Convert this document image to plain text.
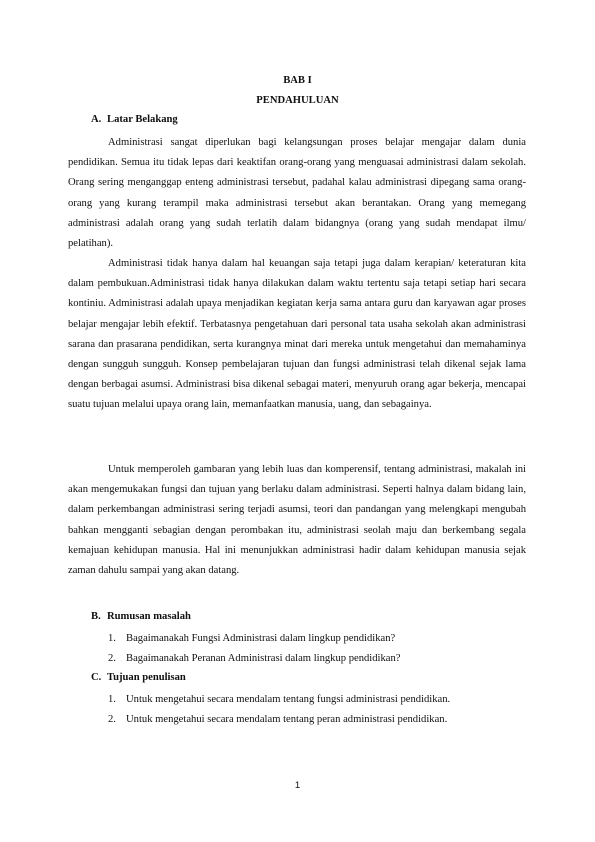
BAB I
PENDAHULUAN
A. Latar Belakang

Administrasi sangat diperlukan bagi kelangsungan proses belajar mengajar dalam dunia pendidikan. Semua itu tidak lepas dari keaktifan orang-orang yang menguasai administrasi dalam sekolah. Orang sering menganggap enteng administrasi tersebut, padahal kalau administrasi dipegang sama orang-orang yang kurang terampil maka administrasi tersebut akan berantakan. Orang yang memegang administrasi adalah orang yang sudah terlatih dalam bidangnya (orang yang sudah mendapat ilmu/ pelatihan).

Administrasi tidak hanya dalam hal keuangan saja tetapi juga dalam kerapian/ keteraturan kita dalam pembukuan.Administrasi tidak hanya dilakukan dalam waktu tertentu saja tetapi setiap hari secara kontiniu. Administrasi adalah upaya menjadikan kegiatan kerja sama antara guru dan karyawan agar proses belajar mengajar lebih efektif. Terbatasnya pengetahuan dari personal tata usaha sekolah akan administrasi sarana dan prasarana pendidikan, serta kurangnya minat dari mereka untuk mengetahui dan memahaminya dengan sungguh sungguh. Konsep pembelajaran tujuan dan fungsi administrasi telah dikenal sejak lama dengan berbagai asumsi. Administrasi bisa dikenal sebagai materi, menyuruh orang agar bekerja, mencapai suatu tujuan melalui upaya orang lain, memanfaatkan manusia, uang, dan sebagainya.

Untuk memperoleh gambaran yang lebih luas dan komperensif, tentang administrasi, makalah ini akan mengemukakan fungsi dan tujuan yang berlaku dalam administrasi. Seperti halnya dalam bidang lain, dalam perkembangan administrasi sering terjadi asumsi, teori dan pandangan yang melengkapi mengubah bahkan mengganti sebagian dengan perombakan itu, administrasi seolah maju dan berkembang segala kemajuan kehidupan manusia. Hal ini menunjukkan administrasi hadir dalam kehidupan manusia sejak zaman dahulu sampai yang akan datang.

B. Rumusan masalah
1. Bagaimanakah Fungsi Administrasi dalam lingkup pendidikan?
2. Bagaimanakah Peranan Administrasi dalam lingkup pendidikan?
C. Tujuan penulisan
1. Untuk mengetahui secara mendalam tentang fungsi administrasi pendidikan.
2. Untuk mengetahui secara mendalam tentang peran administrasi pendidikan.
1
